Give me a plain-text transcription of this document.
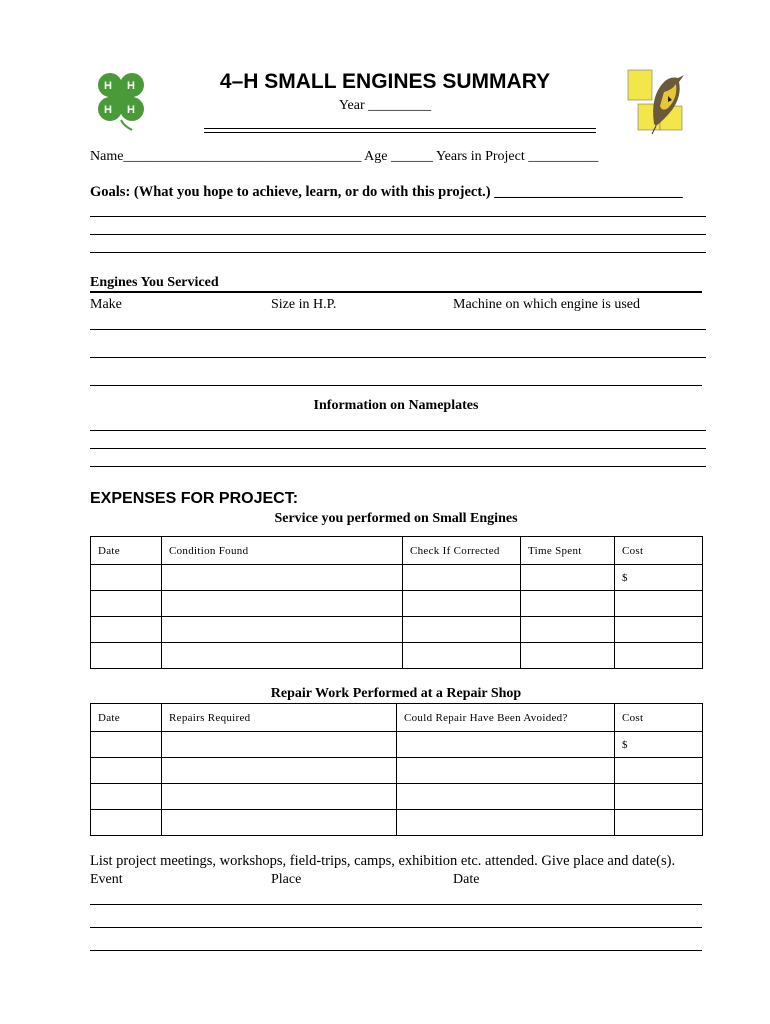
H H
H H
4–H SMALL ENGINES SUMMARY
Year _________
Name__________________________________ Age ______ Years in Project __________
Goals: (What you hope to achieve, learn, or do with this project.) __________________________
Engines You Serviced
Make	Size in H.P.	Machine on which engine is used
Information on Nameplates
EXPENSES FOR PROJECT:
Service you performed on Small Engines
Date	Condition Found	Check If Corrected	Time Spent	Cost
				$

Repair Work Performed at a Repair Shop
Date	Repairs Required	Could Repair Have Been Avoided?	Cost
			$

List project meetings, workshops, field-trips, camps, exhibition etc. attended. Give place and date(s).
Event	Place	Date
